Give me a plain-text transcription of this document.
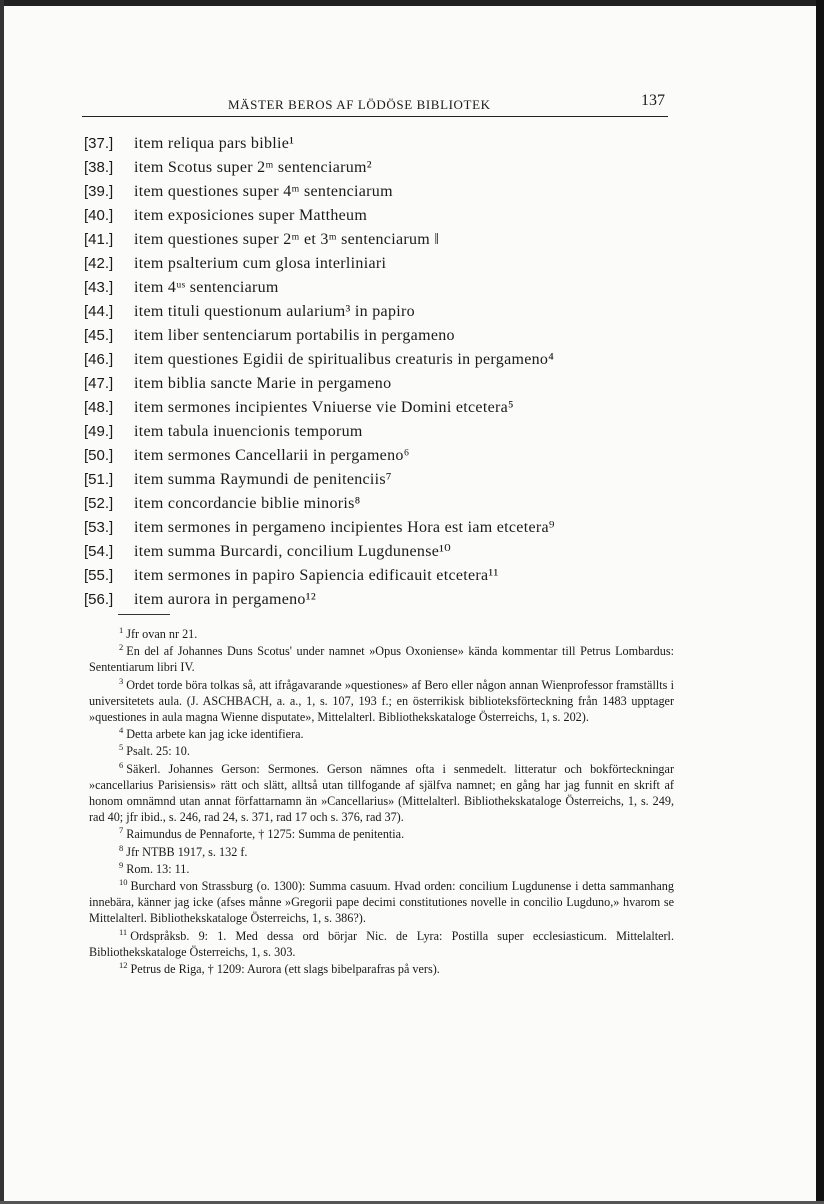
MÄSTER BEROS AF LÖDÖSE BIBLIOTEK	137
[37.] item reliqua pars biblie¹
[38.] item Scotus super 2ᵐ sentenciarum²
[39.] item questiones super 4ᵐ sentenciarum
[40.] item exposiciones super Mattheum
[41.] item questiones super 2ᵐ et 3ᵐ sentenciarum ‖
[42.] item psalterium cum glosa interliniari
[43.] item 4ᵘˢ sentenciarum
[44.] item tituli questionum aularium³ in papiro
[45.] item liber sentenciarum portabilis in pergameno
[46.] item questiones Egidii de spiritualibus creaturis in pergameno⁴
[47.] item biblia sancte Marie in pergameno
[48.] item sermones incipientes Vniuerse vie Domini etcetera⁵
[49.] item tabula inuencionis temporum
[50.] item sermones Cancellarii in pergameno⁶
[51.] item summa Raymundi de penitenciis⁷
[52.] item concordancie biblie minoris⁸
[53.] item sermones in pergameno incipientes Hora est iam etcetera⁹
[54.] item summa Burcardi, concilium Lugdunense¹⁰
[55.] item sermones in papiro Sapiencia edificauit etcetera¹¹
[56.] item aurora in pergameno¹²

$^1$ Jfr ovan nr 21.

$^2$ En del af Johannes Duns Scotus' under namnet »Opus Oxoniense» kända kommentar till Petrus Lombardus: Sententiarum libri IV.

$^3$ Ordet torde böra tolkas så, att ifrågavarande »questiones» af Bero eller någon annan Wienprofessor framställts i universitetets aula. (J. ASCHBACH, a. a., 1, s. 107, 193 f.; en österrikisk biblioteksförteckning från 1483 upptager »questiones in aula magna Wienne disputate», Mittelalterl. Bibliothekskataloge Österreichs, 1, s. 202).

$^4$ Detta arbete kan jag icke identifiera.

$^5$ Psalt. 25: 10.

$^6$ Säkerl. Johannes Gerson: Sermones. Gerson nämnes ofta i senmedelt. litteratur och bokförteckningar »cancellarius Parisiensis» rätt och slätt, alltså utan tillfogande af själfva namnet; en gång har jag funnit en skrift af honom omnämnd utan annat författarnamn än »Cancellarius» (Mittelalterl. Bibliothekskataloge Österreichs, 1, s. 249, rad 40; jfr ibid., s. 246, rad 24, s. 371, rad 17 och s. 376, rad 37).

$^7$ Raimundus de Pennaforte, † 1275: Summa de penitentia.

$^8$ Jfr NTBB 1917, s. 132 f.

$^9$ Rom. 13: 11.

$^{10}$ Burchard von Strassburg (o. 1300): Summa casuum. Hvad orden: concilium Lugdunense i detta sammanhang innebära, känner jag icke (afses månne »Gregorii pape decimi constitutiones novelle in concilio Lugduno,» hvarom se Mittelalterl. Bibliothekskataloge Österreichs, 1, s. 386?).

$^{11}$ Ordspråksb. 9: 1. Med dessa ord börjar Nic. de Lyra: Postilla super ecclesiasticum. Mittelalterl. Bibliothekskataloge Österreichs, 1, s. 303.

$^{12}$ Petrus de Riga, † 1209: Aurora (ett slags bibelparafras på vers).
